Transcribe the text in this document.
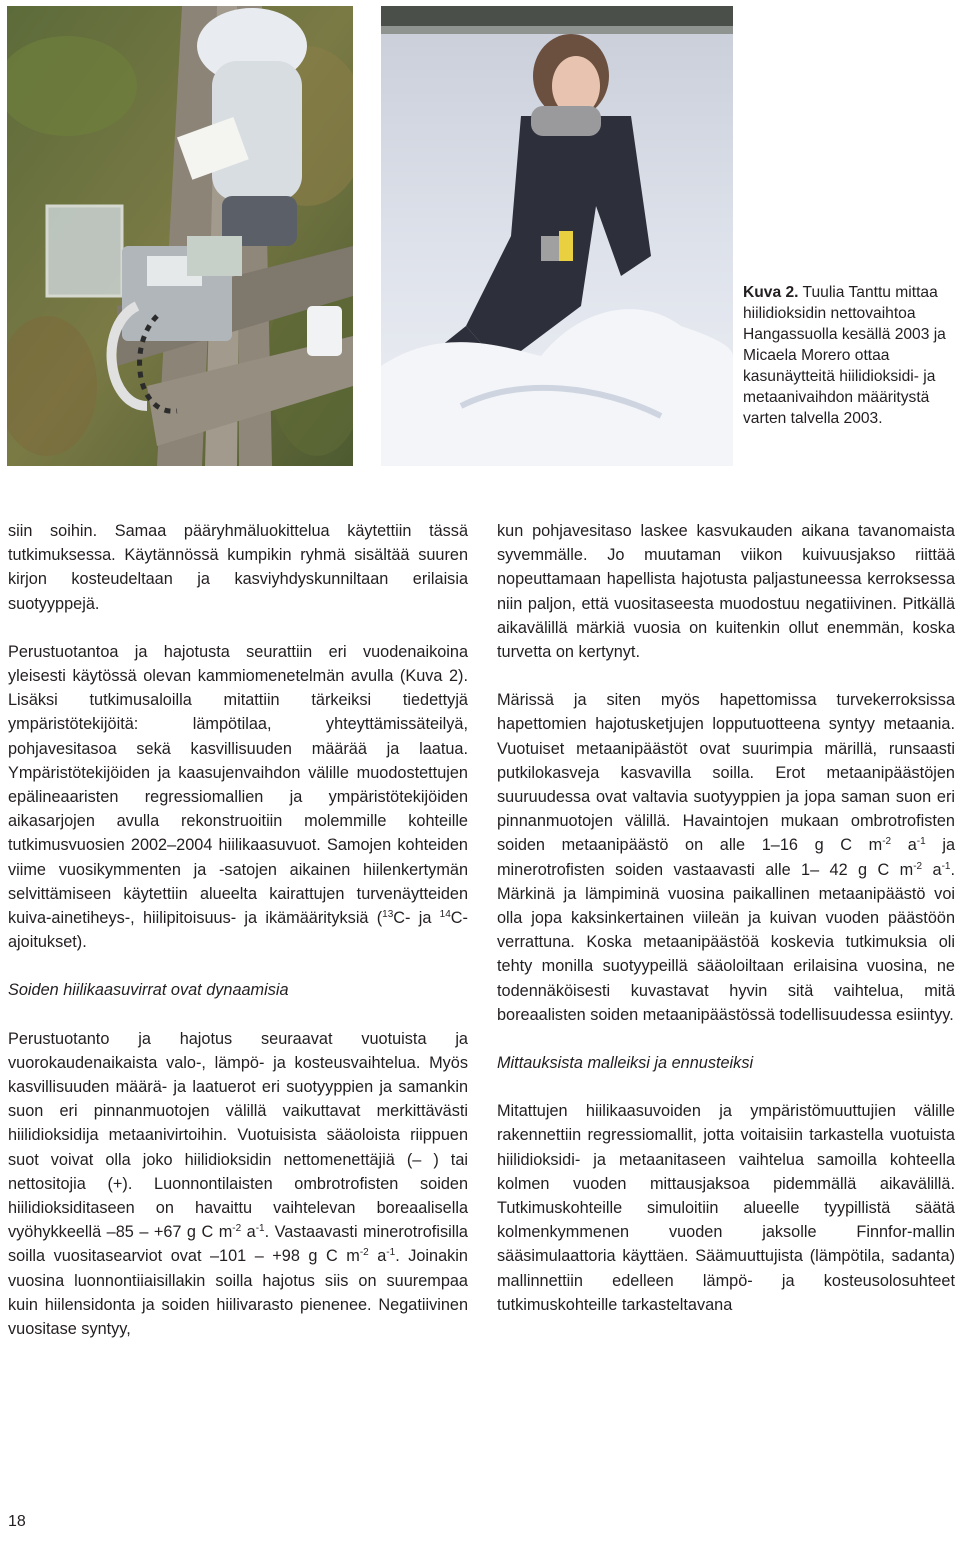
Kuva 2. Tuulia Tanttu mittaa hiilidioksidin nettovaihtoa Hangassuolla kesällä 2003 ja Micaela Morero ottaa kasunäytteitä hiilidioksidi- ja metaanivaihdon määritystä varten talvella 2003.

siin soihin. Samaa pääryhmäluokittelua käytettiin tässä tutkimuksessa. Käytännössä kumpikin ryhmä sisältää suuren kirjon kosteudeltaan ja kasviyhdyskunniltaan erilaisia suotyyppejä.

Perustuotantoa ja hajotusta seurattiin eri vuodenaikoina yleisesti käytössä olevan kammiomenetelmän avulla (Kuva 2). Lisäksi tutkimusaloilla mitattiin tärkeiksi tiedettyjä ympäristötekijöitä: lämpötilaa, yhteyttämissäteilyä, pohjavesitasoa sekä kasvillisuuden määrää ja laatua. Ympäristötekijöiden ja kaasujenvaihdon välille muodostettujen epälineaaristen regressiomallien ja ympäristötekijöiden aikasarjojen avulla rekonstruoitiin molemmille kohteille tutkimusvuosien 2002–2004 hiilikaasuvuot. Samojen kohteiden viime vuosikymmenten ja -satojen aikainen hiilenkertymän selvittämiseen käytettiin alueelta kairattujen turvenäytteiden kuiva-ainetiheys-, hiilipitoisuus- ja ikämäärityksiä ($^{13}$C- ja $^{14}$C-ajoitukset).

Soiden hiilikaasuvirrat ovat dynaamisia

Perustuotanto ja hajotus seuraavat vuotuista ja vuorokaudenaikaista valo-, lämpö- ja kosteusvaihtelua. Myös kasvillisuuden määrä- ja laatuerot eri suotyyppien ja samankin suon eri pinnanmuotojen välillä vaikuttavat merkittävästi hiilidioksidija metaanivirtoihin. Vuotuisista sääoloista riippuen suot voivat olla joko hiilidioksidin nettomenettäjiä (– ) tai nettositojia (+). Luonnontilaisten ombrotrofisten soiden hiilidioksiditaseen on havaittu vaihtelevan boreaalisella vyöhykkeellä –85 – +67 g C $m^{-2}$ $a^{-1}$. Vastaavasti minerotrofisilla soilla vuositasearviot ovat –101 – +98 g C $m^{-2}$ $a^{-1}$. Joinakin vuosina luonnontiiaisillakin soilla hajotus siis on suurempaa kuin hiilensidonta ja soiden hiilivarasto pienenee. Negatiivinen vuositase syntyy,

kun pohjavesitaso laskee kasvukauden aikana tavanomaista syvemmälle. Jo muutaman viikon kuivuusjakso riittää nopeuttamaan hapellista hajotusta paljastuneessa kerroksessa niin paljon, että vuositaseesta muodostuu negatiivinen. Pitkällä aikavälillä märkiä vuosia on kuitenkin ollut enemmän, koska turvetta on kertynyt.

Märissä ja siten myös hapettomissa turvekerroksissa hapettomien hajotusketjujen lopputuotteena syntyy metaania. Vuotuiset metaanipäästöt ovat suurimpia märillä, runsaasti putkilokasveja kasvavilla soilla. Erot metaanipäästöjen suuruudessa ovat valtavia suotyyppien ja jopa saman suon eri pinnanmuotojen välillä. Havaintojen mukaan ombrotrofisten soiden metaanipäästö on alle 1–16 g C $m^{-2}$ $a^{-1}$ ja minerotrofisten soiden vastaavasti alle 1– 42 g C $m^{-2}$ $a^{-1}$. Märkinä ja lämpiminä vuosina paikallinen metaanipäästö voi olla jopa kaksinkertainen viileän ja kuivan vuoden päästöön verrattuna. Koska metaanipäästöä koskevia tutkimuksia oli tehty monilla suotyypeillä sääoloiltaan erilaisina vuosina, ne todennäköisesti kuvastavat hyvin sitä vaihtelua, mitä boreaalisten soiden metaanipäästössä todellisuudessa esiintyy.

Mittauksista malleiksi ja ennusteiksi

Mitattujen hiilikaasuvoiden ja ympäristömuuttujien välille rakennettiin regressiomallit, jotta voitaisiin tarkastella vuotuista hiilidioksidi- ja metaanitaseen vaihtelua samoilla kohteella kolmen vuoden mittausjaksoa pidemmällä aikavälillä. Tutkimuskohteille simuloitiin alueelle tyypillistä säätä kolmenkymmenen vuoden jaksolle Finnfor-mallin sääsimulaattoria käyttäen. Säämuuttujista (lämpötila, sadanta) mallinnettiin edelleen lämpö- ja kosteusolosuhteet tutkimuskohteille tarkasteltavana

18
